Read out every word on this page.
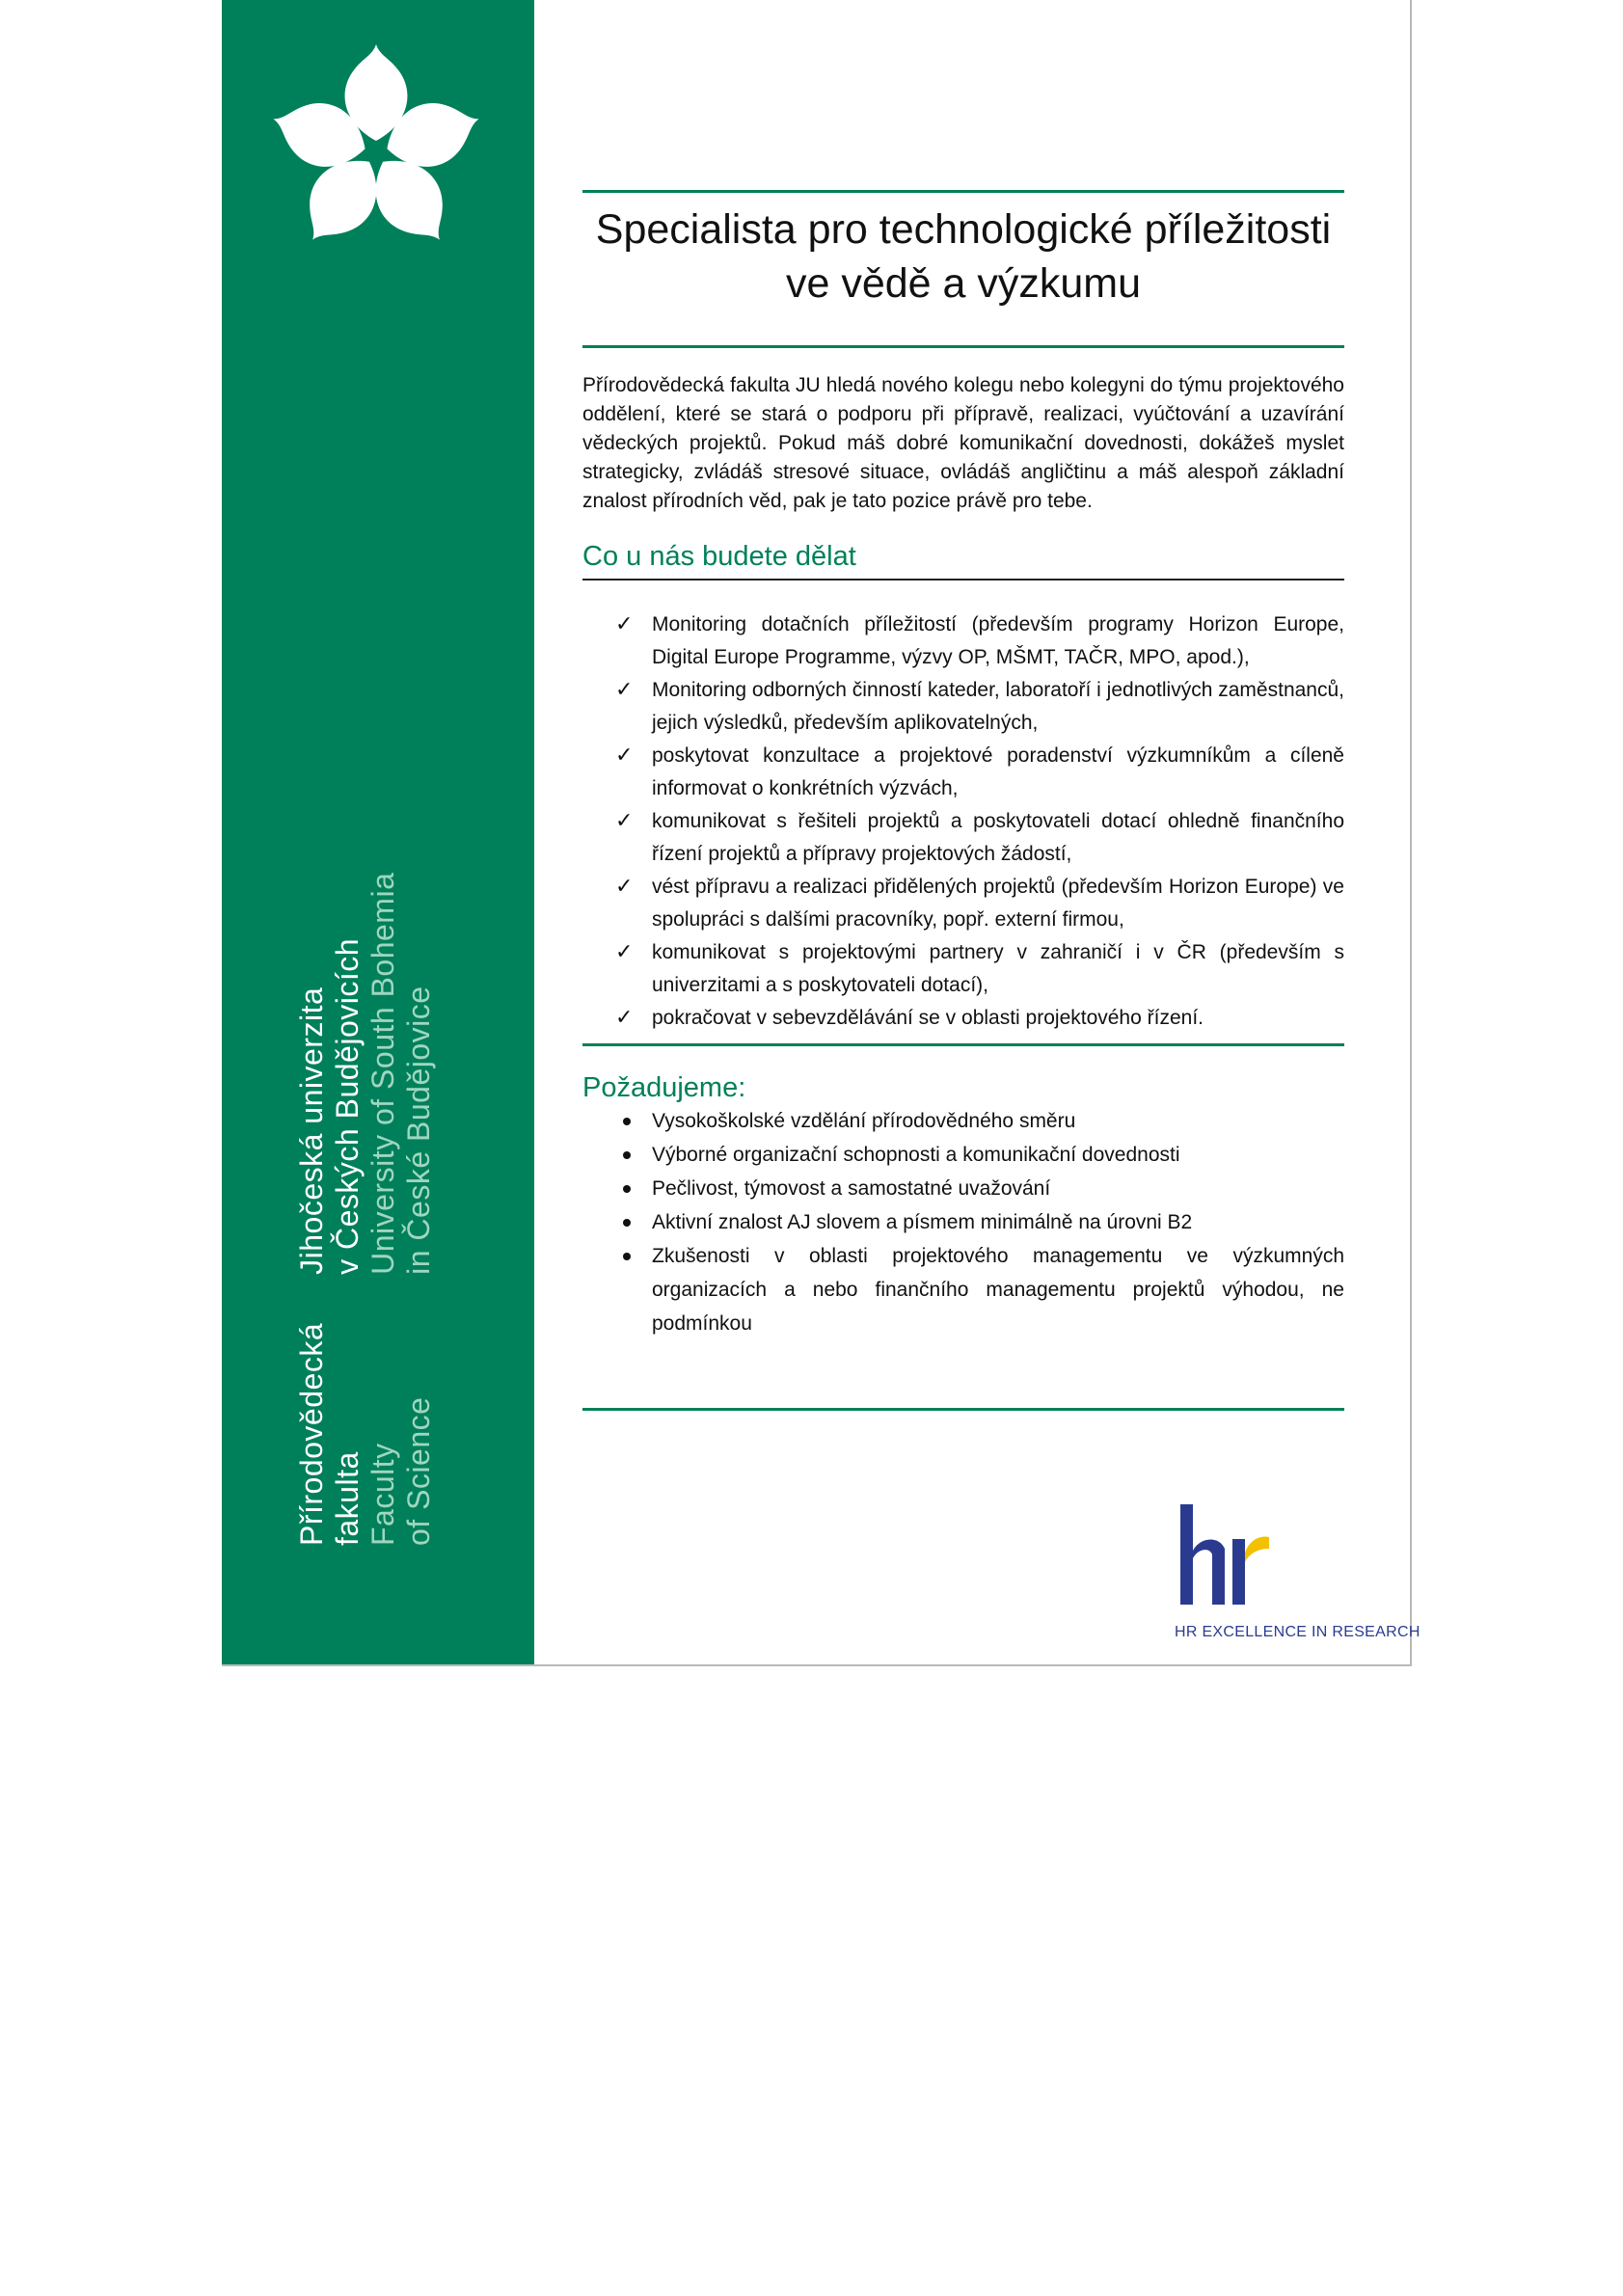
Přírodovědecká fakulta Faculty of Science
Jihočeská univerzita v Českých Budějovicích University of South Bohemia in České Budějovice

Specialista pro technologické příležitosti

ve vědě a výzkumu

Přírodovědecká fakulta JU hledá nového kolegu nebo kolegyni do týmu projektového oddělení, které se stará o podporu při přípravě, realizaci, vyúčtování a uzavírání vědeckých projektů. Pokud máš dobré komunikační dovednosti, dokážeš myslet strategicky, zvládáš stresové situace, ovládáš angličtinu a máš alespoň základní znalost přírodních věd, pak je tato pozice právě pro tebe.

Co u nás budete dělat

✓ Monitoring dotačních příležitostí (především programy Horizon Europe, Digital Europe Programme, výzvy OP, MŠMT, TAČR, MPO, apod.),
✓ Monitoring odborných činností kateder, laboratoří i jednotlivých zaměstnanců, jejich výsledků, především aplikovatelných,
✓ poskytovat konzultace a projektové poradenství výzkumníkům a cíleně informovat o konkrétních výzvách,
✓ komunikovat s řešiteli projektů a poskytovateli dotací ohledně finančního řízení projektů a přípravy projektových žádostí,
✓ vést přípravu a realizaci přidělených projektů (především Horizon Europe) ve spolupráci s dalšími pracovníky, popř. externí firmou,
✓ komunikovat s projektovými partnery v zahraničí i v ČR (především s univerzitami a s poskytovateli dotací),
✓ pokračovat v sebevzdělávání se v oblasti projektového řízení.

Požadujeme:

Vysokoškolské vzdělání přírodovědného směru
Výborné organizační schopnosti a komunikační dovednosti
Pečlivost, týmovost a samostatné uvažování
Aktivní znalost AJ slovem a písmem minimálně na úrovni B2
Zkušenosti v oblasti projektového managementu ve výzkumných organizacích a nebo finančního managementu projektů výhodou, ne podmínkou
HR EXCELLENCE IN RESEARCH
